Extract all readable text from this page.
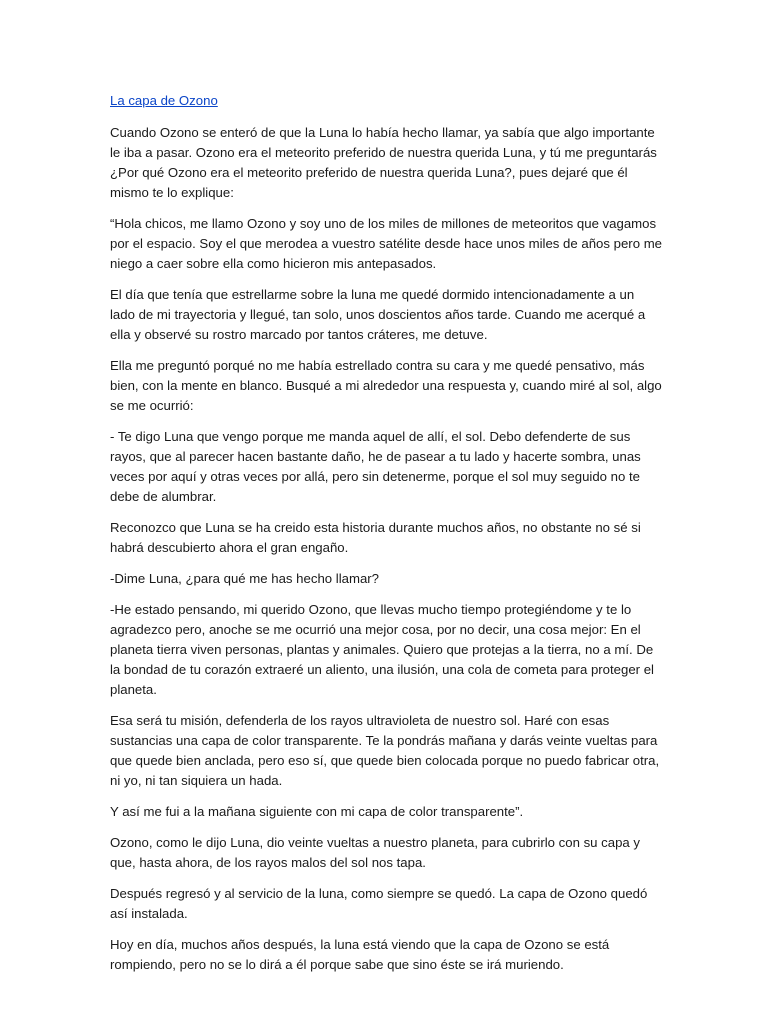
La capa de Ozono

Cuando Ozono se enteró de que la Luna lo había hecho llamar, ya sabía que algo importante le iba a pasar. Ozono era el meteorito preferido de nuestra querida Luna, y tú me preguntarás ¿Por qué Ozono era el meteorito preferido de nuestra querida Luna?, pues dejaré que él mismo te lo explique:

“Hola chicos, me llamo Ozono y soy uno de los miles de millones de meteoritos que vagamos por el espacio. Soy el que merodea a vuestro satélite desde hace unos miles de años pero me niego a caer sobre ella como hicieron mis antepasados.

El día que tenía que estrellarme sobre la luna me quedé dormido intencionadamente a un lado de mi trayectoria y llegué, tan solo, unos doscientos años tarde. Cuando me acerqué a ella y observé su rostro marcado por tantos cráteres, me detuve.

Ella me preguntó porqué no me había estrellado contra su cara y me quedé pensativo, más bien, con la mente en blanco. Busqué a mi alrededor una respuesta y, cuando miré al sol, algo se me ocurrió:

- Te digo Luna que vengo porque me manda aquel de allí, el sol. Debo defenderte de sus rayos, que al parecer hacen bastante daño, he de pasear a tu lado y hacerte sombra, unas veces por aquí y otras veces por allá, pero sin detenerme, porque el sol muy seguido no te debe de alumbrar.

Reconozco que Luna se ha creido esta historia durante muchos años, no obstante no sé si habrá descubierto ahora el gran engaño.

-Dime Luna, ¿para qué me has hecho llamar?

-He estado pensando, mi querido Ozono, que llevas mucho tiempo protegiéndome y te lo agradezco pero, anoche se me ocurrió una mejor cosa, por no decir, una cosa mejor: En el planeta tierra viven personas, plantas y animales. Quiero que protejas a la tierra, no a mí. De la bondad de tu corazón extraeré un aliento, una ilusión, una cola de cometa para proteger el planeta.

Esa será tu misión, defenderla de los rayos ultravioleta de nuestro sol. Haré con esas sustancias una capa de color transparente. Te la pondrás mañana y darás veinte vueltas para que quede bien anclada, pero eso sí, que quede bien colocada porque no puedo fabricar otra, ni yo, ni tan siquiera un hada.

Y así me fui a la mañana siguiente con mi capa de color transparente”.

Ozono, como le dijo Luna, dio veinte vueltas a nuestro planeta, para cubrirlo con su capa y que, hasta ahora, de los rayos malos del sol nos tapa.

Después regresó y al servicio de la luna, como siempre se quedó. La capa de Ozono quedó así instalada.

Hoy en día, muchos años después, la luna está viendo que la capa de Ozono se está rompiendo, pero no se lo dirá a él porque sabe que sino éste se irá muriendo.
